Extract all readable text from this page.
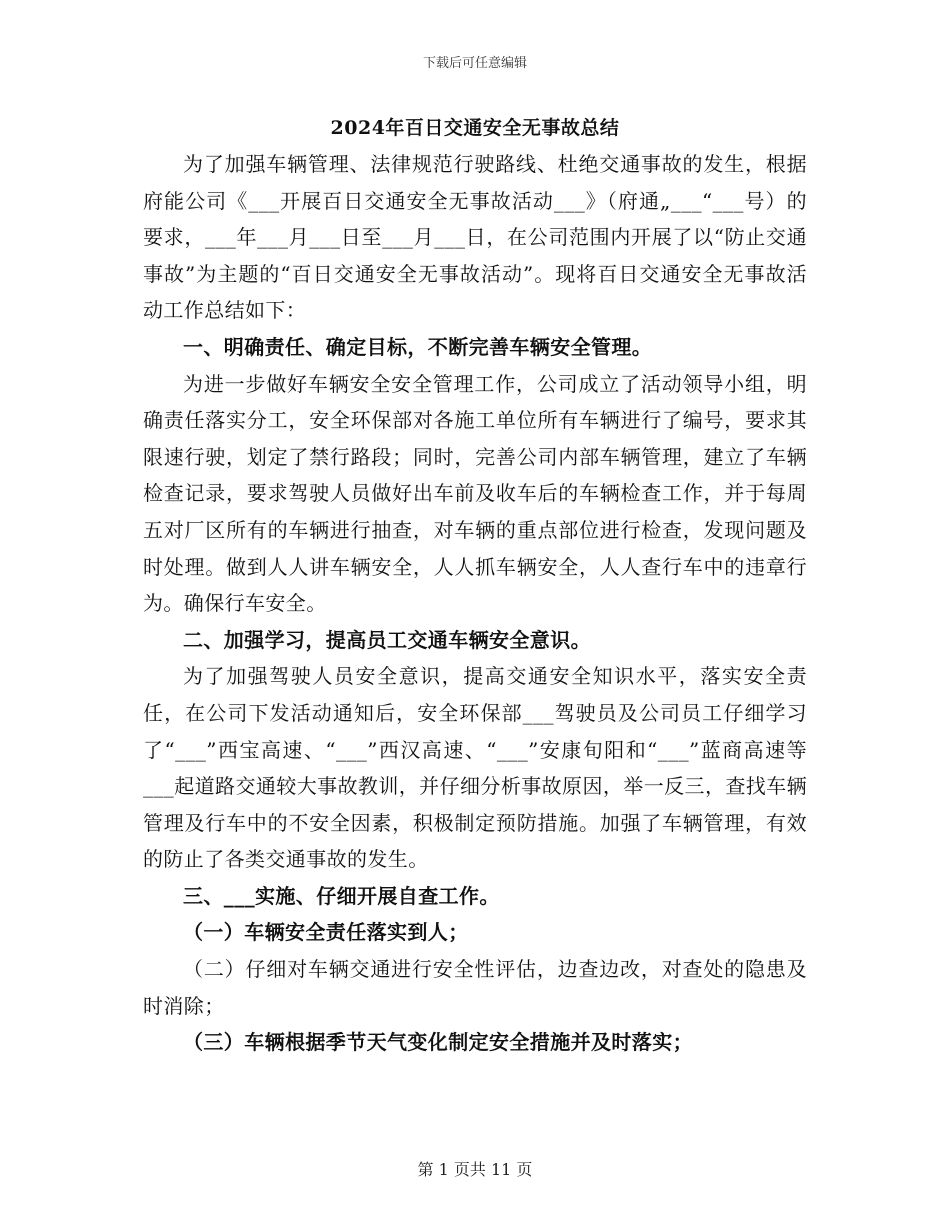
下载后可任意编辑
2024年百日交通安全无事故总结

为了加强车辆管理、法律规范行驶路线、杜绝交通事故的发生，根据府能公司《___开展百日交通安全无事故活动___》（府通„___“___号）的要求，___年___月___日至___月___日，在公司范围内开展了以“防止交通事故”为主题的“百日交通安全无事故活动”。现将百日交通安全无事故活动工作总结如下：

一、明确责任、确定目标，不断完善车辆安全管理。

为进一步做好车辆安全安全管理工作，公司成立了活动领导小组，明确责任落实分工，安全环保部对各施工单位所有车辆进行了编号，要求其限速行驶，划定了禁行路段；同时，完善公司内部车辆管理，建立了车辆检查记录，要求驾驶人员做好出车前及收车后的车辆检查工作，并于每周五对厂区所有的车辆进行抽查，对车辆的重点部位进行检查，发现问题及时处理。做到人人讲车辆安全，人人抓车辆安全，人人查行车中的违章行为。确保行车安全。

二、加强学习，提高员工交通车辆安全意识。

为了加强驾驶人员安全意识，提高交通安全知识水平，落实安全责任，在公司下发活动通知后，安全环保部___驾驶员及公司员工仔细学习了“___”西宝高速、“___”西汉高速、“___”安康旬阳和“___”蓝商高速等___起道路交通较大事故教训，并仔细分析事故原因，举一反三，查找车辆管理及行车中的不安全因素，积极制定预防措施。加强了车辆管理，有效的防止了各类交通事故的发生。

三、___实施、仔细开展自查工作。

（一）车辆安全责任落实到人；

（二）仔细对车辆交通进行安全性评估，边查边改，对查处的隐患及时消除；

（三）车辆根据季节天气变化制定安全措施并及时落实；

第 1 页共 11 页
